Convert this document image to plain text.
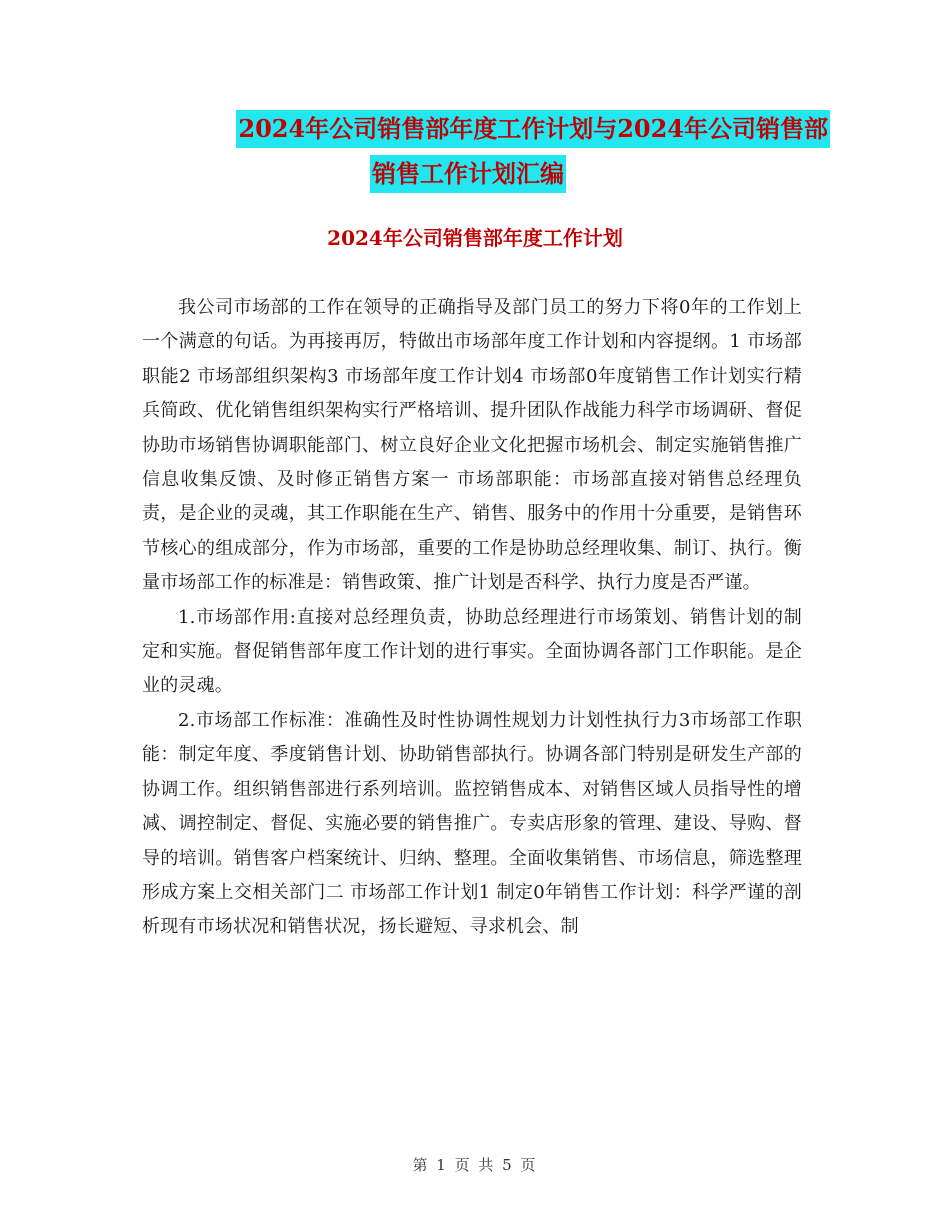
2024年公司销售部年度工作计划与2024年公司销售部
销售工作计划汇编
2024年公司销售部年度工作计划

我公司市场部的工作在领导的正确指导及部门员工的努力下将0年的工作划上一个满意的句话。为再接再厉，特做出市场部年度工作计划和内容提纲。1 市场部职能2 市场部组织架构3 市场部年度工作计划4 市场部0年度销售工作计划实行精兵简政、优化销售组织架构实行严格培训、提升团队作战能力科学市场调研、督促协助市场销售协调职能部门、树立良好企业文化把握市场机会、制定实施销售推广信息收集反馈、及时修正销售方案一 市场部职能：市场部直接对销售总经理负责，是企业的灵魂，其工作职能在生产、销售、服务中的作用十分重要，是销售环节核心的组成部分，作为市场部，重要的工作是协助总经理收集、制订、执行。衡量市场部工作的标准是：销售政策、推广计划是否科学、执行力度是否严谨。

1.市场部作用:直接对总经理负责，协助总经理进行市场策划、销售计划的制定和实施。督促销售部年度工作计划的进行事实。全面协调各部门工作职能。是企业的灵魂。

2.市场部工作标准：准确性及时性协调性规划力计划性执行力3市场部工作职能：制定年度、季度销售计划、协助销售部执行。协调各部门特别是研发生产部的协调工作。组织销售部进行系列培训。监控销售成本、对销售区域人员指导性的增减、调控制定、督促、实施必要的销售推广。专卖店形象的管理、建设、导购、督导的培训。销售客户档案统计、归纳、整理。全面收集销售、市场信息，筛选整理形成方案上交相关部门二 市场部工作计划1 制定0年销售工作计划：科学严谨的剖析现有市场状况和销售状况，扬长避短、寻求机会、制

第 1 页 共 5 页
